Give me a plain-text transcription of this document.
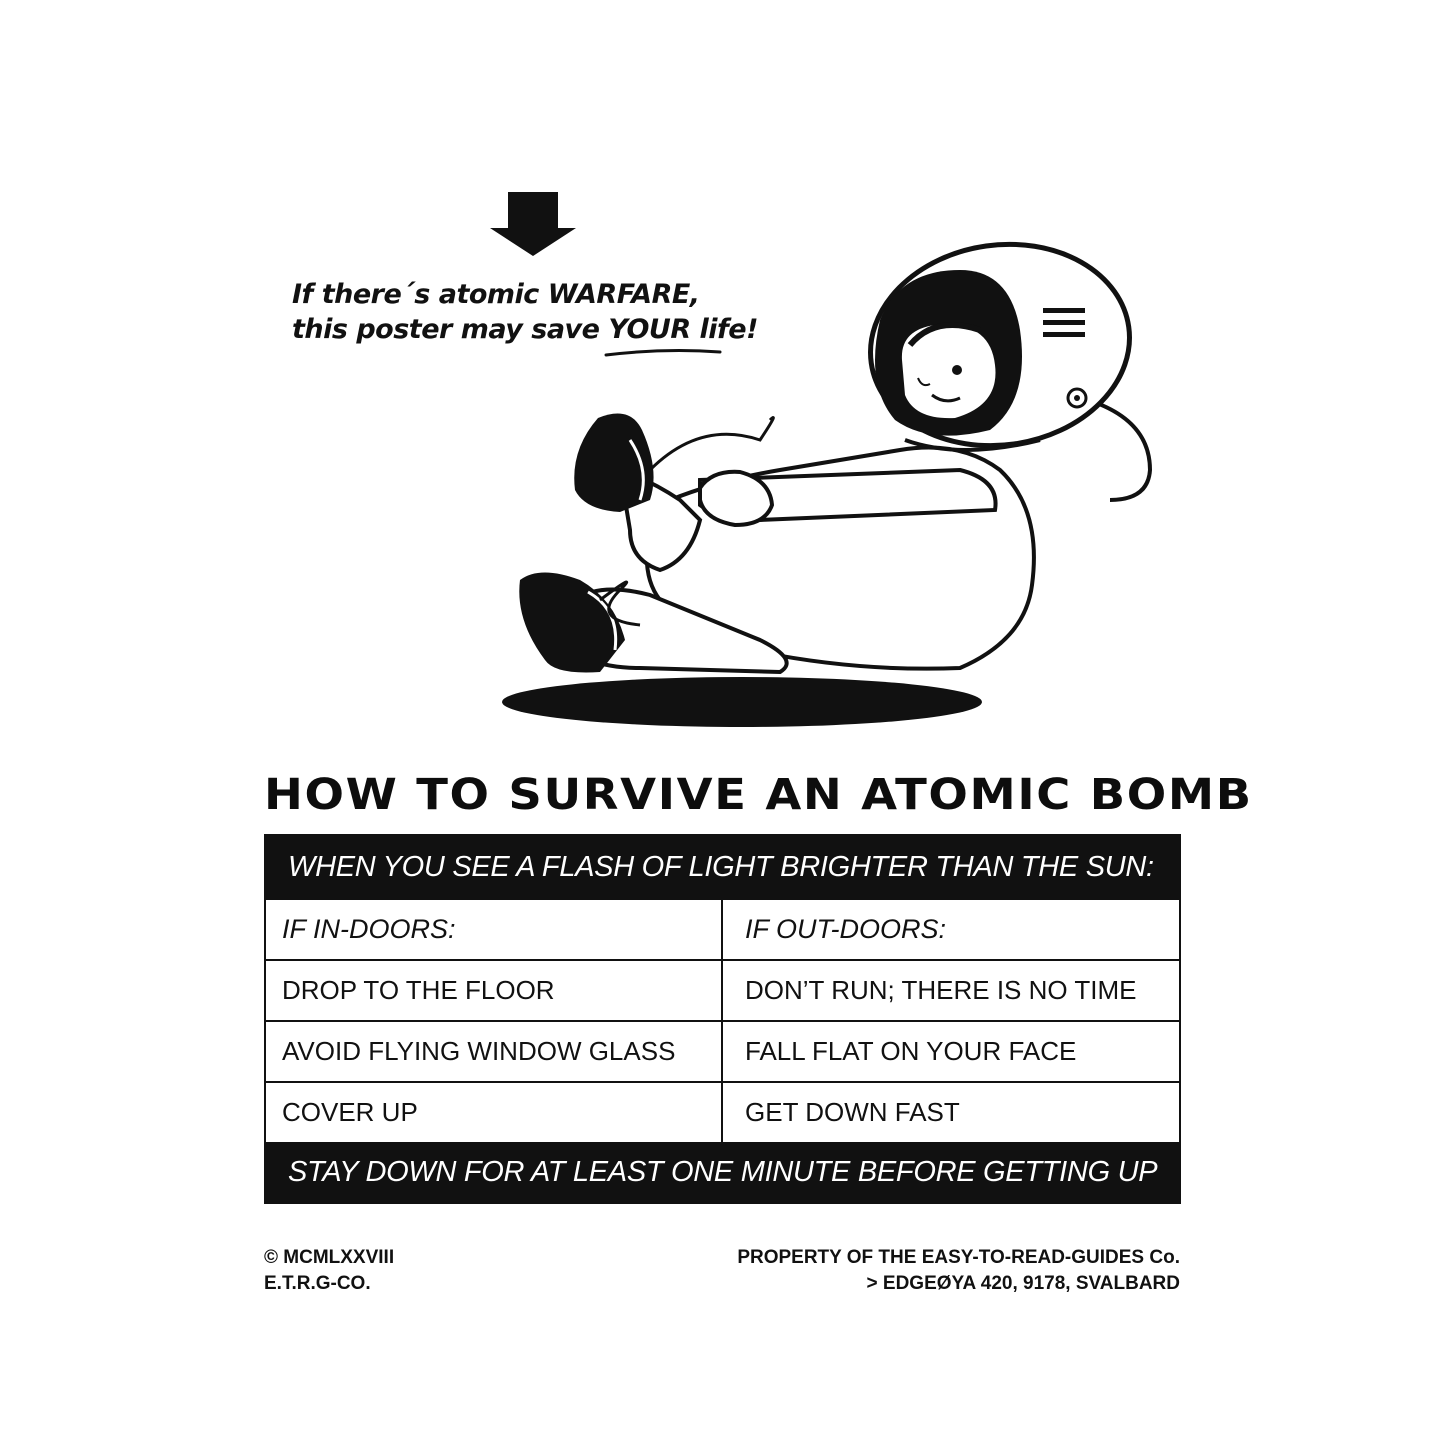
If there´s atomic WARFARE,
this poster may save YOUR life!
HOW TO SURVIVE AN ATOMIC BOMB
WHEN YOU SEE A FLASH OF LIGHT BRIGHTER THAN THE SUN:
IF IN-DOORS:	IF OUT-DOORS:
DROP TO THE FLOOR	DON’T RUN; THERE IS NO TIME
AVOID FLYING WINDOW GLASS	FALL FLAT ON YOUR FACE
COVER UP	GET DOWN FAST
STAY DOWN FOR AT LEAST ONE MINUTE BEFORE GETTING UP
© MCMLXXVIII
E.T.R.G-CO.
PROPERTY OF THE EASY-TO-READ-GUIDES Co.
> EDGEØYA 420, 9178, SVALBARD
